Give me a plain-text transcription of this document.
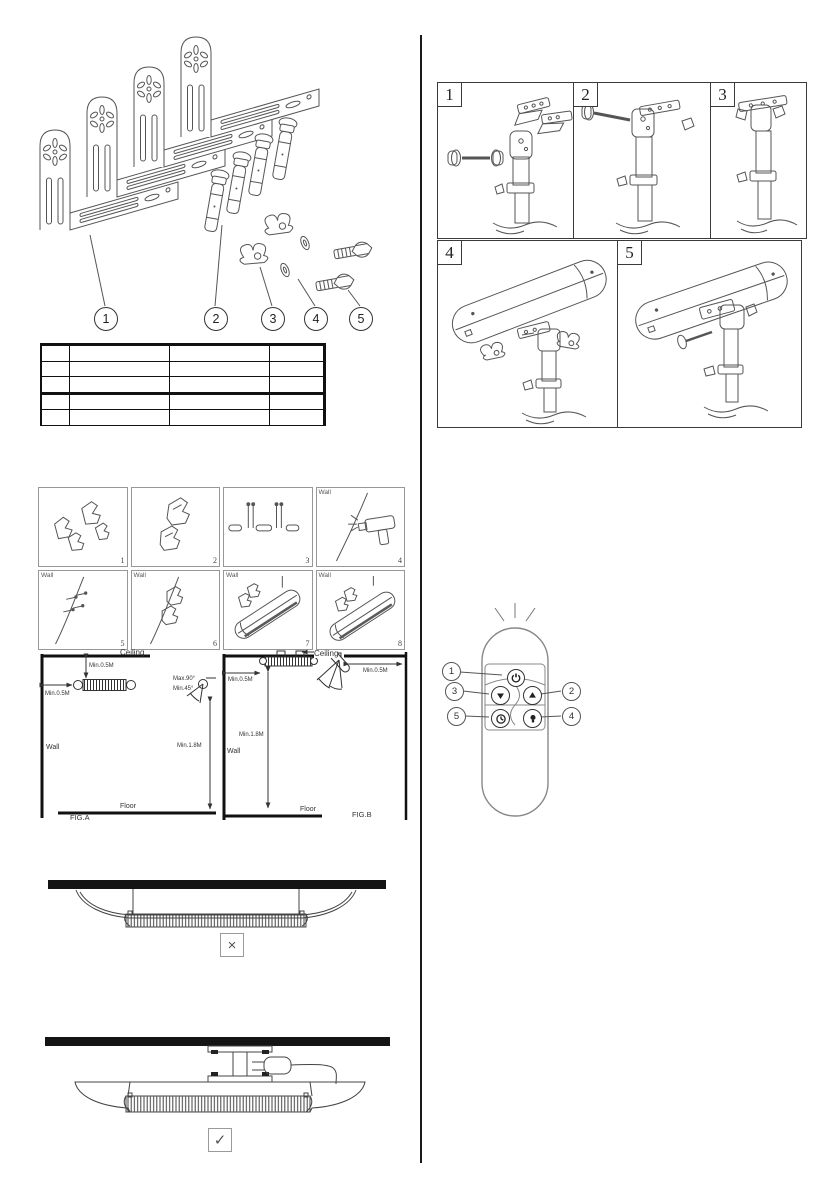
1	2	3	4	5

1	2	3
Wall
4
Wall
5
Wall
6
Wall
7
Wall
8
Ceiling
Min.0.5M
Min.0.5M
Max.90°
Min.45°
Min.1.8M
Wall
Floor
FIG.A
Ceiling
Min.0.5M
Min.0.5M
Min.1.8M
Wall
Floor
FIG.B
×
✓
1	2	3
4	5
1
3
5
2
4
